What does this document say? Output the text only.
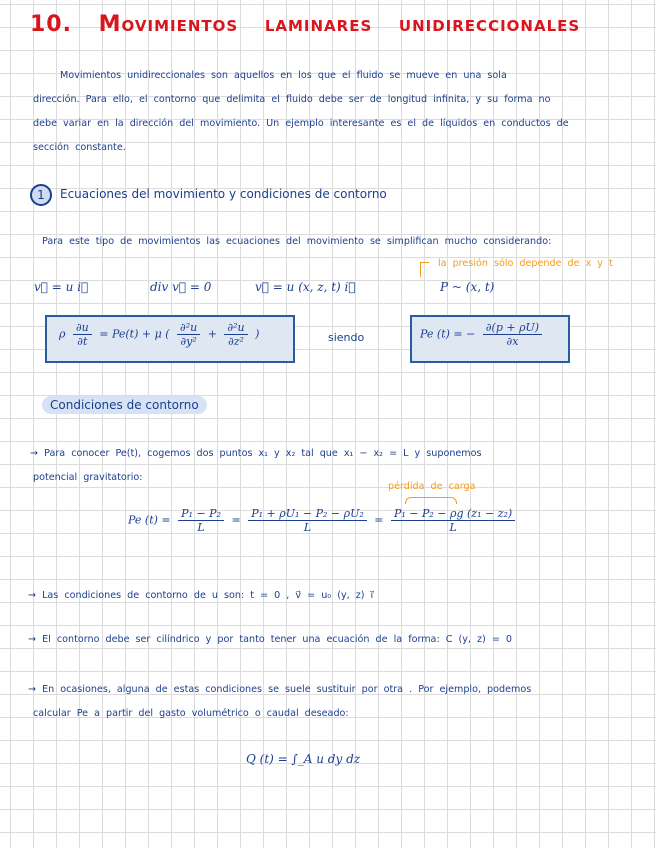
10. Movimientos laminares unidireccionales
Movimientos unidireccionales son aquellos en los que el fluido se mueve en una sola
dirección. Para ello, el contorno que delimita el fluido debe ser de longitud infinita, y su forma no
debe variar en la dirección del movimiento. Un ejemplo interesante es el de líquidos en conductos de
sección constante.
1	Ecuaciones del movimiento y condiciones de contorno
Para este tipo de movimientos las ecuaciones del movimiento se simplifican mucho considerando:
la presión sólo depende de x y t
v⃗ = u i⃗	div v⃗ = 0	v⃗ = u (x, z, t) i⃗	P ~ (x, t)
ρ $\frac{\partial u}{\partial t} = Pe(t) + \mu$ ( $\frac{\text{∂²u}}{\text{∂y²}} + \frac{\text{∂²u}}{\text{∂z²}}$ )	siendo	Pe (t) = − $\frac{\partial(p + \rho U)}{\partial x}$
Condiciones de contorno
→ Para conocer Pe(t), cogemos dos puntos x₁ y x₂ tal que x₁ − x₂ = L y suponemos
potencial gravitatorio:
pérdida de carga
Pe $(t) = \frac{\text{P₁ − P₂}}{L} = \frac{\text{P₁ + ρU₁ − P₂ − ρU₂}}{L} = \frac{\text{P₁ − P₂ − ρg (z₁ − z₂)}}{L}$
→ Las condiciones de contorno de u son: t = 0 , v⃗ = u₀ (y, z) i⃗
→ El contorno debe ser cilíndrico y por tanto tener una ecuación de la forma: C (y, z) = 0
→ En ocasiones, alguna de estas condiciones se suele sustituir por otra . Por ejemplo, podemos
calcular Pe a partir del gasto volumétrico o caudal deseado:
Q (t) = ∫_A u dy dz
